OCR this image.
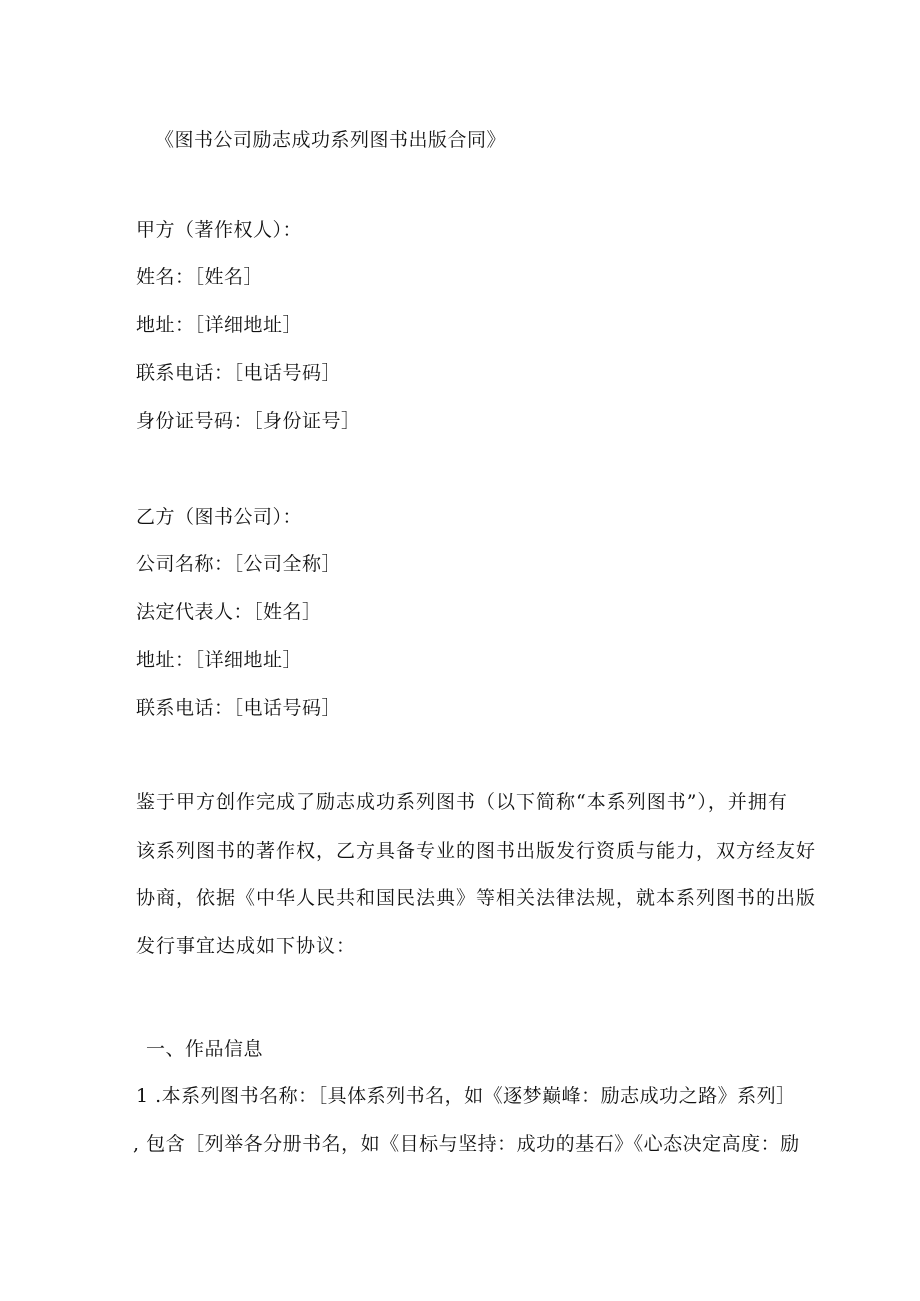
《图书公司励志成功系列图书出版合同》
甲方（著作权人）：
姓名：［姓名］
地址：［详细地址］
联系电话：［电话号码］
身份证号码：［身份证号］
乙方（图书公司）：
公司名称：［公司全称］
法定代表人：［姓名］
地址：［详细地址］
联系电话：［电话号码］
鉴于甲方创作完成了励志成功系列图书（以下简称“本系列图书”），并拥有
该系列图书的著作权，乙方具备专业的图书出版发行资质与能力，双方经友好
协商，依据《中华人民共和国民法典》等相关法律法规，就本系列图书的出版
发行事宜达成如下协议：
一、作品信息
1 .本系列图书名称：［具体系列书名，如《逐梦巅峰：励志成功之路》系列］
, 包含［列举各分册书名，如《目标与坚持：成功的基石》《心态决定高度：励
